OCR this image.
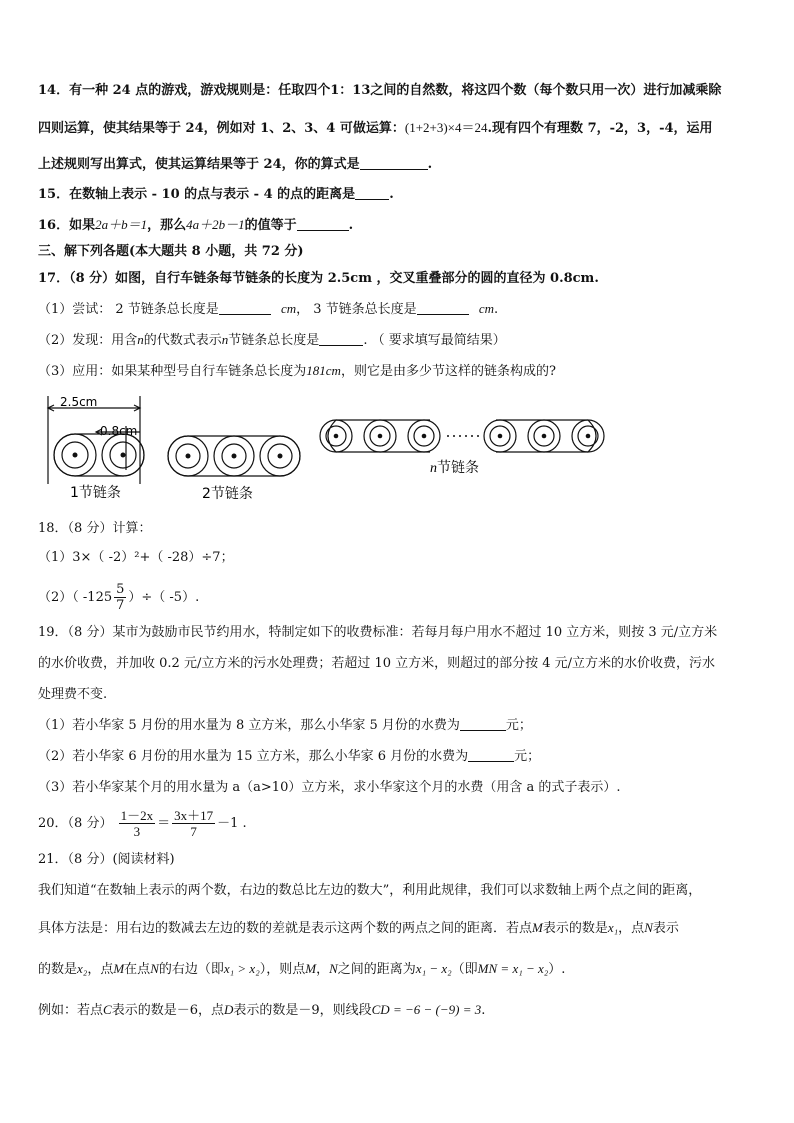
14．有一种 24 点的游戏，游戏规则是：任取四个1：13之间的自然数，将这四个数（每个数只用一次）进行加减乘除
四则运算，使其结果等于 24，例如对 1、2、3、4 可做运算：(1+2+3)×4＝24.现有四个有理数 7，-2，3，-4，运用
上述规则写出算式，使其运算结果等于 24，你的算式是	.
15．在数轴上表示 - 10 的点与表示 - 4 的点的距离是	.
16．如果2a＋b＝1，那么4a＋2b－1的值等于	.
三、解下列各题(本大题共 8 小题，共 72 分)
17．（8 分）如图，自行车链条每节链条的长度为 2.5cm ，交叉重叠部分的圆的直径为 0.8cm.
（1）尝试： 2 节链条总长度是	cm， 3 节链条总长度是	cm.
（2）发现：用含n的代数式表示n节链条总长度是	. （ 要求填写最简结果）
（3）应用：如果某种型号自行车链条总长度为181cm，则它是由多少节这样的链条构成的?
2.5cm
0.8cm
1节链条	2节链条
n节链条
18．（8 分）计算：
（1）3×（ -2）²+（ -28）÷7；
（2）（ $-125 \frac{5}{7}$ ）÷（ -5）.
19．（8 分）某市为鼓励市民节约用水，特制定如下的收费标准：若每月每户用水不超过 10 立方米，则按 3 元/立方米
的水价收费，并加收 0.2 元/立方米的污水处理费；若超过 10 立方米，则超过的部分按 4 元/立方米的水价收费，污水
处理费不变.
（1）若小华家 5 月份的用水量为 8 立方米，那么小华家 5 月份的水费为	元；
（2）若小华家 6 月份的用水量为 15 立方米，那么小华家 6 月份的水费为	元；
（3）若小华家某个月的用水量为 a（a>10）立方米，求小华家这个月的水费（用含 a 的式子表示）.
20．（8 分） $\frac{1-2x}{3} = \frac{3x+17}{7} -1$ .
21．（8 分）(阅读材料)
我们知道“在数轴上表示的两个数，右边的数总比左边的数大”，利用此规律，我们可以求数轴上两个点之间的距离，
具体方法是：用右边的数减去左边的数的差就是表示这两个数的两点之间的距离．若点M表示的数是x₁，点N表示
的数是x₂，点M在点N的右边（即x₁ > x₂），则点M，N之间的距离为x₁ − x₂（即MN = x₁ − x₂）.
例如：若点C表示的数是－6，点D表示的数是－9，则线段CD = −6 − (−9) = 3.
